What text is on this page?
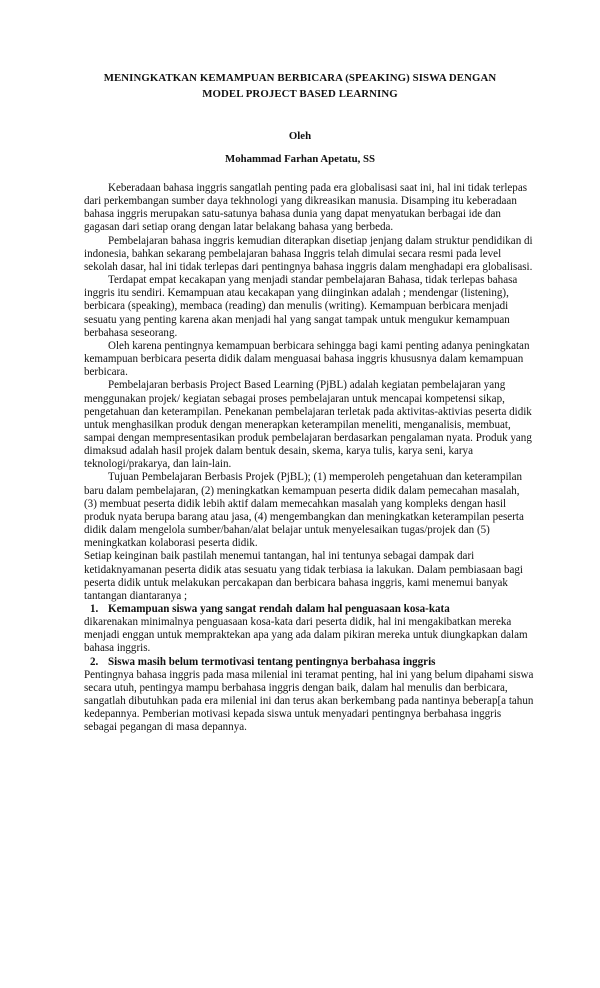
MENINGKATKAN KEMAMPUAN BERBICARA (SPEAKING) SISWA DENGAN
MODEL PROJECT BASED LEARNING
Oleh
Mohammad Farhan Apetatu, SS

Keberadaan bahasa inggris sangatlah penting pada era globalisasi saat ini, hal ini tidak terlepas dari perkembangan sumber daya tekhnologi yang dikreasikan manusia. Disamping itu keberadaan bahasa inggris merupakan satu-satunya bahasa dunia yang dapat menyatukan berbagai ide dan gagasan dari setiap orang dengan latar belakang bahasa yang berbeda.

Pembelajaran bahasa inggris kemudian diterapkan disetiap jenjang dalam struktur pendidikan di indonesia, bahkan sekarang pembelajaran bahasa Inggris telah dimulai secara resmi pada level sekolah dasar, hal ini tidak terlepas dari pentingnya bahasa inggris dalam menghadapi era globalisasi.

Terdapat empat kecakapan yang menjadi standar pembelajaran Bahasa, tidak terlepas bahasa inggris itu sendiri. Kemampuan atau kecakapan yang diinginkan adalah ; mendengar (listening), berbicara (speaking), membaca (reading) dan menulis (writing). Kemampuan berbicara menjadi sesuatu yang penting karena akan menjadi hal yang sangat tampak untuk mengukur kemampuan berbahasa seseorang.

Oleh karena pentingnya kemampuan berbicara sehingga bagi kami penting adanya peningkatan kemampuan berbicara peserta didik dalam menguasai bahasa inggris khususnya dalam kemampuan berbicara.

Pembelajaran berbasis Project Based Learning (PjBL) adalah kegiatan pembelajaran yang menggunakan projek/ kegiatan sebagai proses pembelajaran untuk mencapai kompetensi sikap, pengetahuan dan keterampilan. Penekanan pembelajaran terletak pada aktivitas-aktivias peserta didik untuk menghasilkan produk dengan menerapkan keterampilan meneliti, menganalisis, membuat, sampai dengan mempresentasikan produk pembelajaran berdasarkan pengalaman nyata. Produk yang dimaksud adalah hasil projek dalam bentuk desain, skema, karya tulis, karya seni, karya teknologi/prakarya, dan lain-lain.

Tujuan Pembelajaran Berbasis Projek (PjBL); (1) memperoleh pengetahuan dan keterampilan baru dalam pembelajaran, (2) meningkatkan kemampuan peserta didik dalam pemecahan masalah, (3) membuat peserta didik lebih aktif dalam memecahkan masalah yang kompleks dengan hasil produk nyata berupa barang atau jasa, (4) mengembangkan dan meningkatkan keterampilan peserta didik dalam mengelola sumber/bahan/alat belajar untuk menyelesaikan tugas/projek dan (5) meningkatkan kolaborasi peserta didik.

Setiap keinginan baik pastilah menemui tantangan, hal ini tentunya sebagai dampak dari ketidaknyamanan peserta didik atas sesuatu yang tidak terbiasa ia lakukan. Dalam pembiasaan bagi peserta didik untuk melakukan percakapan dan berbicara bahasa inggris, kami menemui banyak tantangan diantaranya ;

1. Kemampuan siswa yang sangat rendah dalam hal penguasaan kosa-kata

dikarenakan minimalnya penguasaan kosa-kata dari peserta didik, hal ini mengakibatkan mereka menjadi enggan untuk mempraktekan apa yang ada dalam pikiran mereka untuk diungkapkan dalam bahasa inggris.

2. Siswa masih belum termotivasi tentang pentingnya berbahasa inggris

Pentingnya bahasa inggris pada masa milenial ini teramat penting, hal ini yang belum dipahami siswa secara utuh, pentingya mampu berbahasa inggris dengan baik, dalam hal menulis dan berbicara, sangatlah dibutuhkan pada era milenial ini dan terus akan berkembang pada nantinya beberap[a tahun kedepannya. Pemberian motivasi kepada siswa untuk menyadari pentingnya berbahasa inggris sebagai pegangan di masa depannya.
